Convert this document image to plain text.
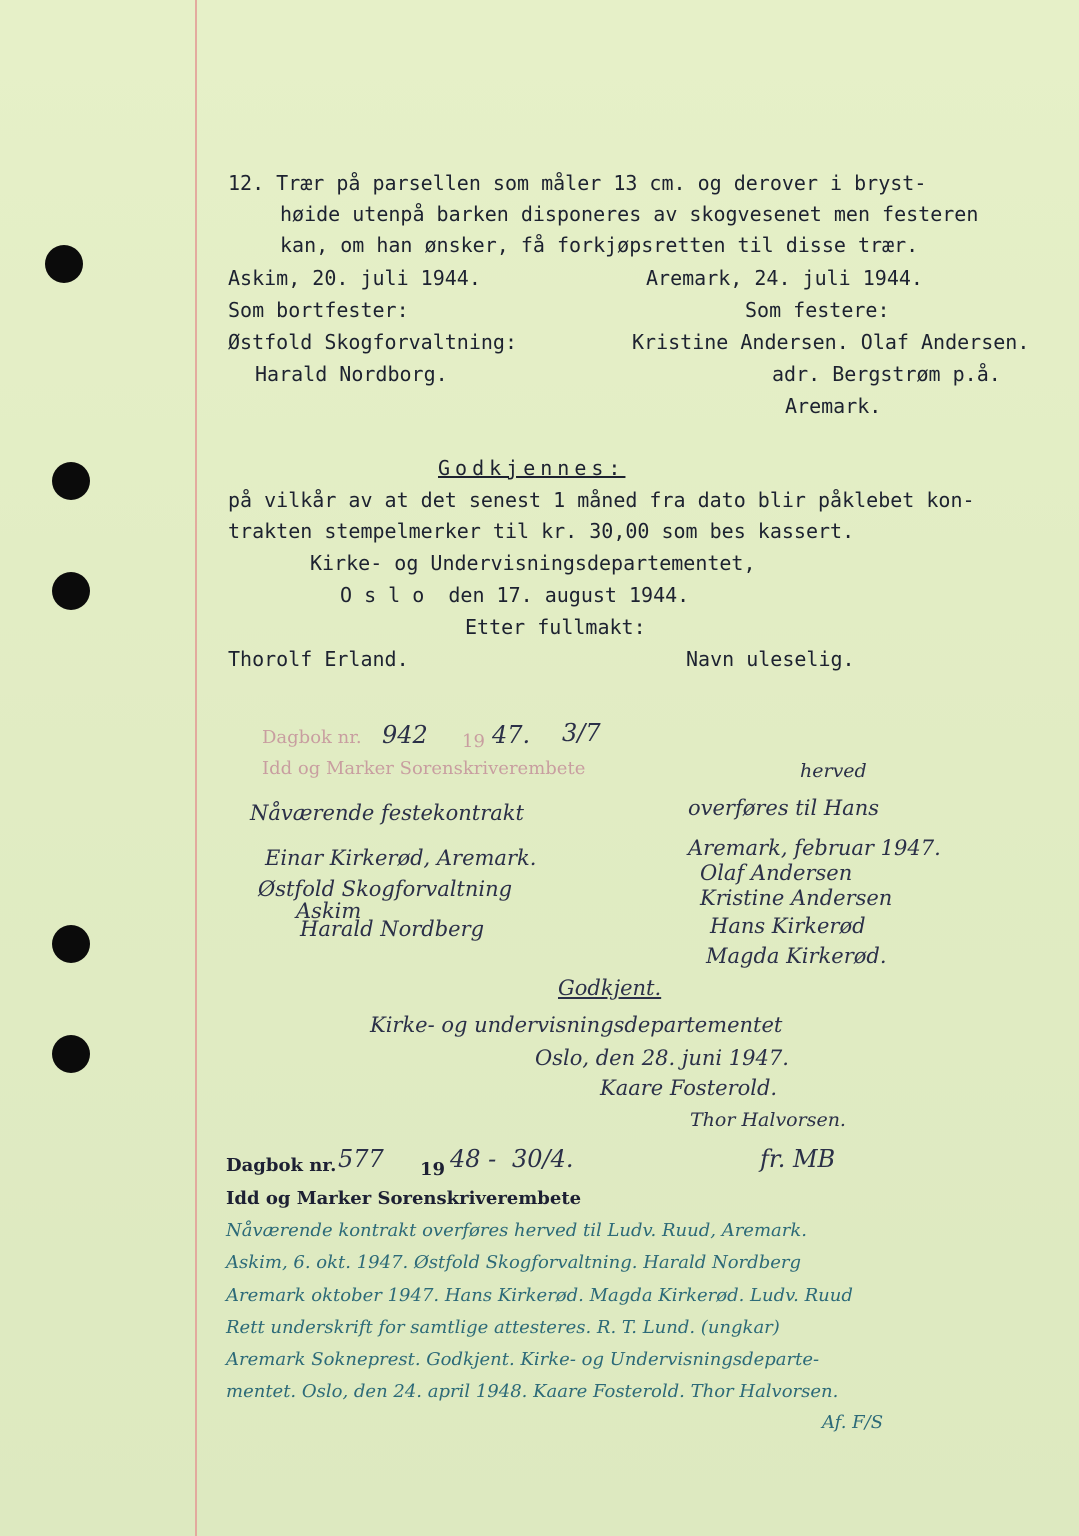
12. Trær på parsellen som måler 13 cm. og derover i bryst-
høide utenpå barken disponeres av skogvesenet men festeren
kan, om han ønsker, få forkjøpsretten til disse trær.
Askim, 20. juli 1944.	Aremark, 24. juli 1944.
Som bortfester:	Som festere:
Østfold Skogforvaltning:	Kristine Andersen. Olaf Andersen.
Harald Nordborg.	adr. Bergstrøm p.å.
Aremark.
Godkjennes:
på vilkår av at det senest 1 måned fra dato blir påklebet kon-
trakten stempelmerker til kr. 30,00 som bes kassert.
Kirke- og Undervisningsdepartementet,
O s l o  den 17. august 1944.
Etter fullmakt:
Thorolf Erland.	Navn uleselig.
Dagbok nr. 942 19 47. 3/7
Idd og Marker Sorenskriverembete	herved
Nåværende festekontrakt	overføres til Hans
Einar Kirkerød, Aremark.	Aremark, februar 1947.
Østfold Skogforvaltning
Askim
Harald Nordberg
Olaf Andersen
Kristine Andersen
Hans Kirkerød
Magda Kirkerød.
Godkjent.
Kirke- og undervisningsdepartementet
Oslo, den 28. juni 1947.
Kaare Fosterold.
Thor Halvorsen.
Dagbok nr. 577 19 48 - 30/4.	fr. MB
Idd og Marker Sorenskriverembete
Nåværende kontrakt overføres herved til Ludv. Ruud, Aremark.
Askim, 6. okt. 1947. Østfold Skogforvaltning. Harald Nordberg
Aremark oktober 1947. Hans Kirkerød. Magda Kirkerød. Ludv. Ruud
Rett underskrift for samtlige attesteres. R. T. Lund. (ungkar)
Aremark Sokneprest. Godkjent. Kirke- og Undervisningsdeparte-
mentet. Oslo, den 24. april 1948. Kaare Fosterold. Thor Halvorsen.
Af. F/S
